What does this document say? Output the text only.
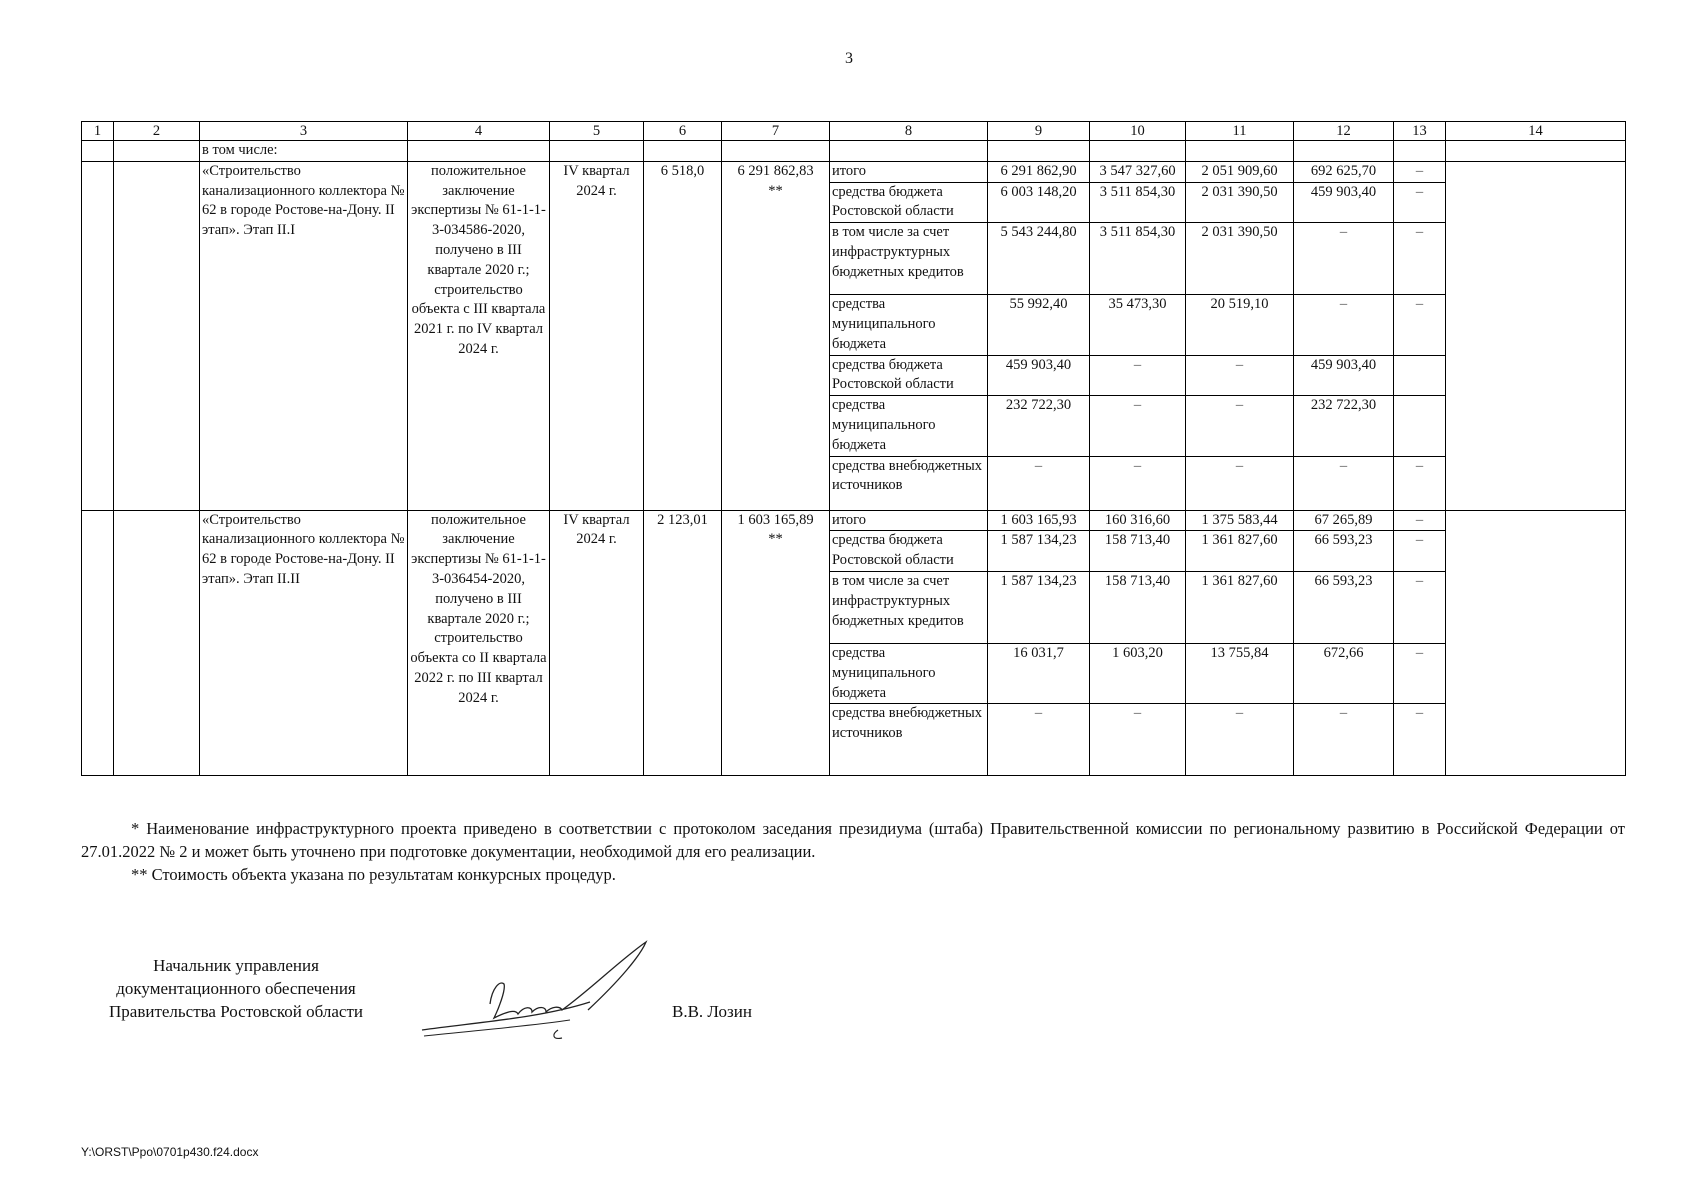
3
1	2	3	4	5	6	7	8	9	10	11	12	13	14
		в том числе:											
		«Строительство канализационного коллектора № 62 в городе Ростове-на-Дону. II этап». Этап II.I	положительное заключение экспертизы № 61-1-1-3-034586-2020, получено в III квартале 2020 г.; строительство объекта с III квартала 2021 г. по IV квартал 2024 г.	IV квартал 2024 г.	6 518,0	6 291 862,83
**	итого	6 291 862,90	3 547 327,60	2 051 909,60	692 625,70	–	
							средства бюджета Ростовской области	6 003 148,20	3 511 854,30	2 031 390,50	459 903,40	–	
							в том числе за счет инфраструктурных бюджетных кредитов	5 543 244,80	3 511 854,30	2 031 390,50	–	–	
							средства муниципального бюджета	55 992,40	35 473,30	20 519,10	–	–	
							средства бюджета Ростовской области	459 903,40	–	–	459 903,40		
							средства муниципального бюджета	232 722,30	–	–	232 722,30		
							средства внебюджетных источников	–	–	–	–	–	
		«Строительство канализационного коллектора № 62 в городе Ростове-на-Дону. II этап». Этап II.II	положительное заключение экспертизы № 61-1-1-3-036454-2020, получено в III квартале 2020 г.; строительство объекта со II квартала 2022 г. по III квартал 2024 г.	IV квартал 2024 г.	2 123,01	1 603 165,89
**	итого	1 603 165,93	160 316,60	1 375 583,44	67 265,89	–	
							средства бюджета Ростовской области	1 587 134,23	158 713,40	1 361 827,60	66 593,23	–	
							в том числе за счет инфраструктурных бюджетных кредитов	1 587 134,23	158 713,40	1 361 827,60	66 593,23	–	
							средства муниципального бюджета	16 031,7	1 603,20	13 755,84	672,66	–	
							средства внебюджетных источников	–	–	–	–	–	

* Наименование инфраструктурного проекта приведено в соответствии с протоколом заседания президиума (штаба) Правительственной комиссии по региональному развитию в Российской Федерации от 27.01.2022 № 2 и может быть уточнено при подготовке документации, необходимой для его реализации.

** Стоимость объекта указана по результатам конкурсных процедур.

Начальник управления документационного обеспечения Правительства Ростовской области	В.В. Лозин
Y:\ORST\Ppo\0701p430.f24.docx
